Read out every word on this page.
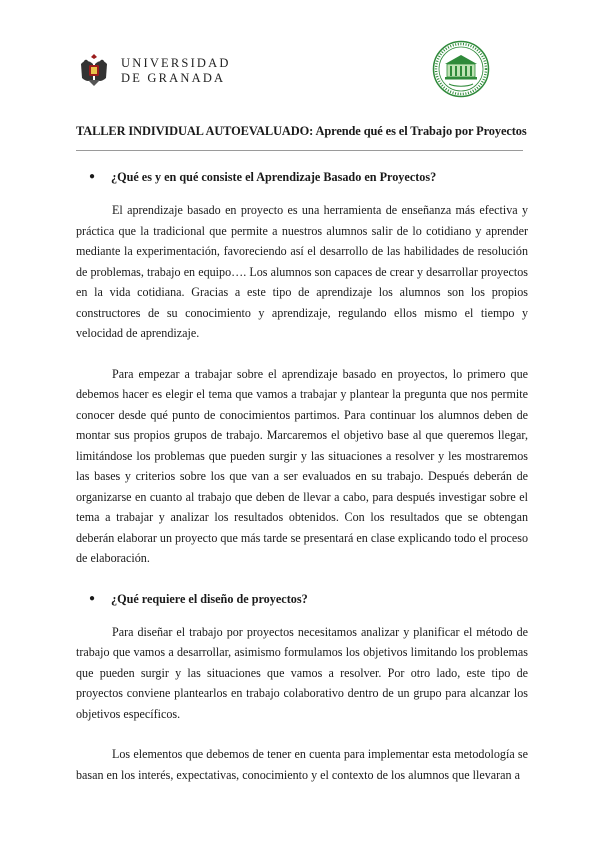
UNIVERSIDAD
DE GRANADA
TALLER INDIVIDUAL AUTOEVALUADO: Aprende qué es el Trabajo por Proyectos
● ¿Qué es y en qué consiste el Aprendizaje Basado en Proyectos?

El aprendizaje basado en proyecto es una herramienta de enseñanza más efectiva y práctica que la tradicional que permite a nuestros alumnos salir de lo cotidiano y aprender mediante la experimentación, favoreciendo así el desarrollo de las habilidades de resolución de problemas, trabajo en equipo…. Los alumnos son capaces de crear y desarrollar proyectos en la vida cotidiana. Gracias a este tipo de aprendizaje los alumnos son los propios constructores de su conocimiento y aprendizaje, regulando ellos mismo el tiempo y velocidad de aprendizaje.

Para empezar a trabajar sobre el aprendizaje basado en proyectos, lo primero que debemos hacer es elegir el tema que vamos a trabajar y plantear la pregunta que nos permite conocer desde qué punto de conocimientos partimos. Para continuar los alumnos deben de montar sus propios grupos de trabajo. Marcaremos el objetivo base al que queremos llegar, limitándose los problemas que pueden surgir y las situaciones a resolver y les mostraremos las bases y criterios sobre los que van a ser evaluados en su trabajo. Después deberán de organizarse en cuanto al trabajo que deben de llevar a cabo, para después investigar sobre el tema a trabajar y analizar los resultados obtenidos. Con los resultados que se obtengan deberán elaborar un proyecto que más tarde se presentará en clase explicando todo el proceso de elaboración.

● ¿Qué requiere el diseño de proyectos?

Para diseñar el trabajo por proyectos necesitamos analizar y planificar el método de trabajo que vamos a desarrollar, asimismo formulamos los objetivos limitando los problemas que pueden surgir y las situaciones que vamos a resolver. Por otro lado, este tipo de proyectos conviene plantearlos en trabajo colaborativo dentro de un grupo para alcanzar los objetivos específicos.

Los elementos que debemos de tener en cuenta para implementar esta metodología se basan en los interés, expectativas, conocimiento y el contexto de los alumnos que llevaran a
